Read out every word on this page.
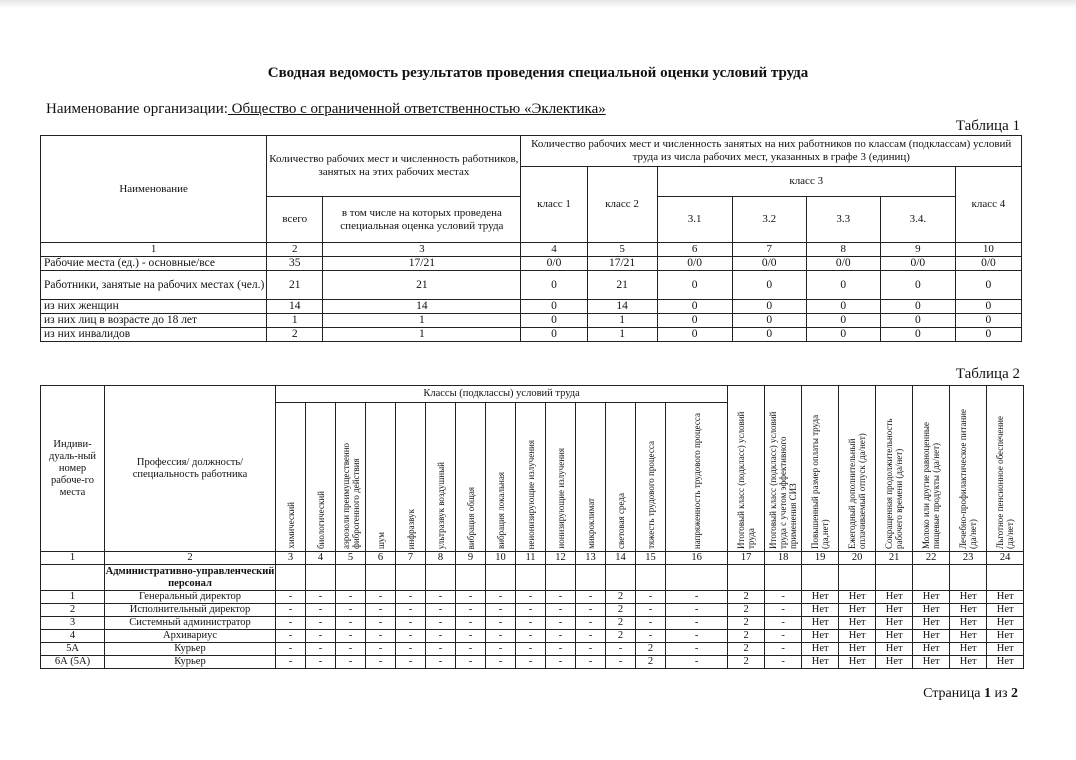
Сводная ведомость результатов проведения специальной оценки условий труда
Наименование организации: Общество с ограниченной ответственностью «Эклектика»
Таблица 1
Наименование	Количество рабочих мест и численность работников, занятых на этих рабочих местах		Количество рабочих мест и численность занятых на них работников по классам (подклассам) условий труда из числа рабочих мест, указанных в графе 3 (единиц)						
			класс 1	класс 2	класс 3				класс 4
	всего	в том числе на которых проведена специальная оценка условий труда			3.1	3.2	3.3	3.4.	
1	2	3	4	5	6	7	8	9	10
Рабочие места (ед.) - основные/все	35	17/21	0/0	17/21	0/0	0/0	0/0	0/0	0/0
Работники, занятые на рабочих местах (чел.)	21	21	0	21	0	0	0	0	0
из них женщин	14	14	0	14	0	0	0	0	0
из них лиц в возрасте до 18 лет	1	1	0	1	0	0	0	0	0
из них инвалидов	2	1	0	1	0	0	0	0	0
Таблица 2
Индиви-дуаль-ный номер рабоче-го места	Профессия/ должность/ специальность работника	Классы (подклассы) условий труда														Итоговый класс (подкласс) условий труда	Итоговый класс (подкласс) условий труда с учетом эффективного применения СИЗ	Повышенный размер оплаты труда (да,нет)	Ежегодный дополнительный оплачиваемый отпуск (да/нет)	Сокращенная продолжительность рабочего времени (да/нет)	Молоко или другие равноценные пищевые продукты (да/нет)	Лечебно-профилактическое питание (да/нет)	Льготное пенсионное обеспечение (да/нет)

		химический	биологический	аэрозоли преимущественно фиброгенного действия	шум	инфразвук	ультразвук воздушный	вибрация общая	вибрация локальная	неионизирующие излучения	ионизирующие излучения	микроклимат	световая среда	тяжесть трудового процесса	напряженность трудового процесса								

1	2	3	4	5	6	7	8	9	10	11	12	13	14	15	16	17	18	19	20	21	22	23	24
	Административно-управленческий персонал																						
1	Генеральный директор	-	-	-	-	-	-	-	-	-	-	-	2	-	-	2	-	Нет	Нет	Нет	Нет	Нет	Нет
2	Исполнительный директор	-	-	-	-	-	-	-	-	-	-	-	2	-	-	2	-	Нет	Нет	Нет	Нет	Нет	Нет
3	Системный администратор	-	-	-	-	-	-	-	-	-	-	-	2	-	-	2	-	Нет	Нет	Нет	Нет	Нет	Нет
4	Архивариус	-	-	-	-	-	-	-	-	-	-	-	2	-	-	2	-	Нет	Нет	Нет	Нет	Нет	Нет
5А	Курьер	-	-	-	-	-	-	-	-	-	-	-	-	2	-	2	-	Нет	Нет	Нет	Нет	Нет	Нет
6А (5А)	Курьер	-	-	-	-	-	-	-	-	-	-	-	-	2	-	2	-	Нет	Нет	Нет	Нет	Нет	Нет
Страница 1 из 2
